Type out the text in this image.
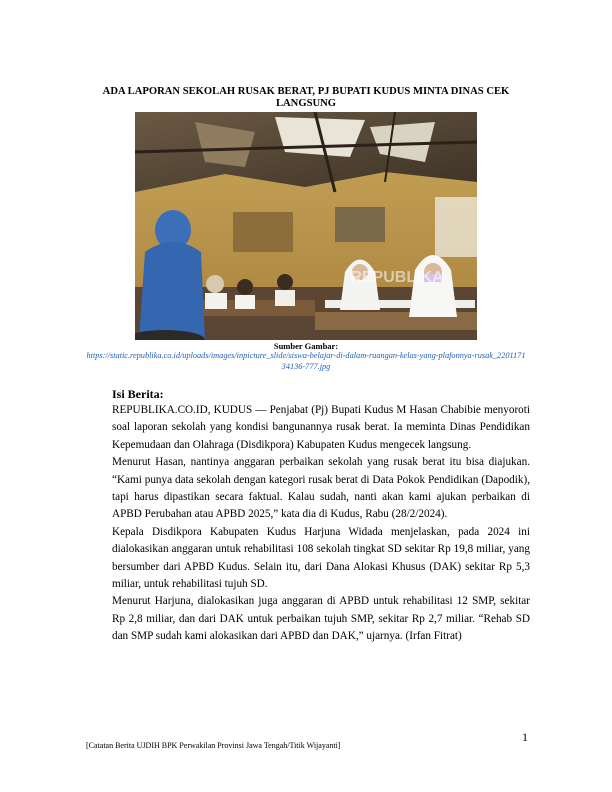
ADA LAPORAN SEKOLAH RUSAK BERAT, PJ BUPATI KUDUS MINTA DINAS CEK LANGSUNG
REPUBLIKA
Sumber Gambar:
https://static.republika.co.id/uploads/images/inpicture_slide/siswa-belajar-di-dalam-ruangan-kelas-yang-plafonnya-rusak_220117134136-777.jpg
Isi Berita:

REPUBLIKA.CO.ID, KUDUS — Penjabat (Pj) Bupati Kudus M Hasan Chabibie menyoroti soal laporan sekolah yang kondisi bangunannya rusak berat. Ia meminta Dinas Pendidikan Kepemudaan dan Olahraga (Disdikpora) Kabupaten Kudus mengecek langsung.

Menurut Hasan, nantinya anggaran perbaikan sekolah yang rusak berat itu bisa diajukan. “Kami punya data sekolah dengan kategori rusak berat di Data Pokok Pendidikan (Dapodik), tapi harus dipastikan secara faktual. Kalau sudah, nanti akan kami ajukan perbaikan di APBD Perubahan atau APBD 2025,” kata dia di Kudus, Rabu (28/2/2024).

Kepala Disdikpora Kabupaten Kudus Harjuna Widada menjelaskan, pada 2024 ini dialokasikan anggaran untuk rehabilitasi 108 sekolah tingkat SD sekitar Rp 19,8 miliar, yang bersumber dari APBD Kudus. Selain itu, dari Dana Alokasi Khusus (DAK) sekitar Rp 5,3 miliar, untuk rehabilitasi tujuh SD.

Menurut Harjuna, dialokasikan juga anggaran di APBD untuk rehabilitasi 12 SMP, sekitar Rp 2,8 miliar, dan dari DAK untuk perbaikan tujuh SMP, sekitar Rp 2,7 miliar. “Rehab SD dan SMP sudah kami alokasikan dari APBD dan DAK,” ujarnya. (Irfan Fitrat)

1
[Catatan Berita UJDIH BPK Perwakilan Provinsi Jawa Tengah/Titik Wijayanti]
